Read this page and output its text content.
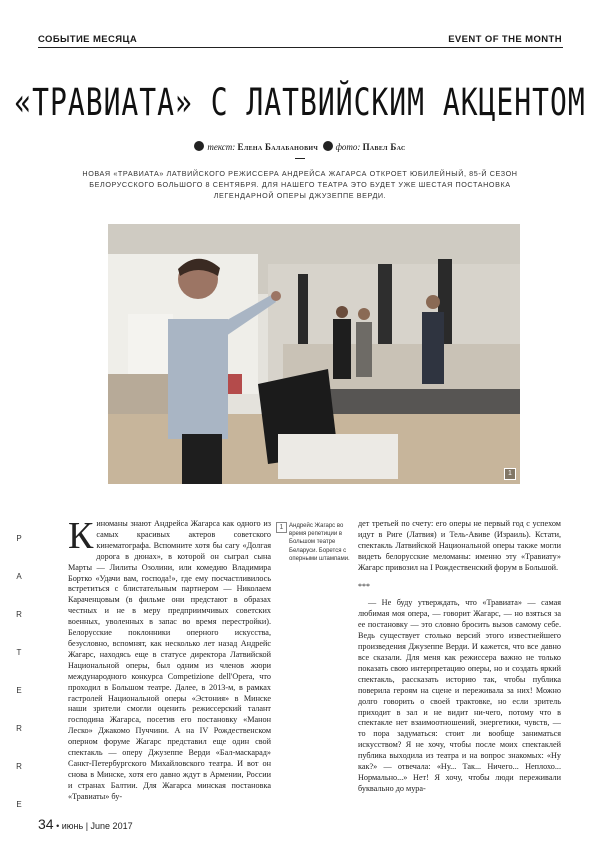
СОБЫТИЕ МЕСЯЦА	EVENT OF THE MONTH
«ТРАВИАТА» С ЛАТВИЙСКИМ АКЦЕНТОМ
текст: Елена Балабанович фото: Павел Бас
НОВАЯ «ТРАВИАТА» ЛАТВИЙСКОГО РЕЖИССЕРА АНДРЕЙСА ЖАГАРСА ОТКРОЕТ ЮБИЛЕЙНЫЙ, 85-Й СЕЗОН БЕЛОРУССКОГО БОЛЬШОГО 8 СЕНТЯБРЯ. ДЛЯ НАШЕГО ТЕАТРА ЭТО БУДЕТ УЖЕ ШЕСТАЯ ПОСТАНОВКА ЛЕГЕНДАРНОЙ ОПЕРЫ ДЖУЗЕППЕ ВЕРДИ.
1
P
A
R
T
E
R
R
E

Киноманы знают Андрейса Жагарса как одного из самых красивых актеров советского кинематографа. Вспомните хотя бы сагу «Долгая дорога в дюнах», в которой он сыграл сына Марты — Лилиты Озолини, или комедию Владимира Бортко «Удачи вам, господа!», где ему посчастливилось встретиться с блистательным партнером — Николаем Караченцовым (в фильме они предстают в образах честных и не в меру предприимчивых советских военных, уволенных в запас во время перестройки). Белорусские поклонники оперного искусства, безусловно, вспомнят, как несколько лет назад Андрейс Жагарс, находясь еще в статусе директора Латвийской Национальной оперы, был одним из членов жюри международного конкурса Competizione dell'Opera, что проходил в Большом театре. Далее, в 2013-м, в рамках гастролей Национальной оперы «Эстония» в Минске наши зрители смогли оценить режиссерский талант господина Жагарса, посетив его постановку «Манон Леско» Джакомо Пуччини. А на IV Рождественском оперном форуме Жагарс представил еще один свой спектакль — оперу Джузеппе Верди «Бал-маскарад» Санкт-Петербургского Михайловского театра. И вот он снова в Минске, хотя его давно ждут в Армении, России и странах Балтии. Для Жагарса минская постановка «Травиаты» бу-

1 Андрейс Жагарс во время репетиции в Большом театре Беларуси. Борется с оперными штампами.

дет третьей по счету: его оперы не первый год с успехом идут в Риге (Латвия) и Тель-Авиве (Израиль). Кстати, спектакль Латвийской Национальной оперы также могли видеть белорусские меломаны: именно эту «Травиату» Жагарс привозил на I Рождественский форум в Большой.

***

— Не буду утверждать, что «Травиата» — самая любимая моя опера, — говорит Жагарс, — но взяться за ее постановку — это словно бросить вызов самому себе. Ведь существует столько версий этого известнейшего произведения Джузеппе Верди. И кажется, что все давно все сказали. Для меня как режиссера важно не только показать свою интерпретацию оперы, но и создать яркий спектакль, рассказать историю так, чтобы публика поверила героям на сцене и переживала за них! Можно долго говорить о своей трактовке, но если зритель приходит в зал и не видит ни-чего, потому что в спектакле нет взаимоотношений, энергетики, чувств, — то пора задуматься: стоит ли вообще заниматься искусством? Я не хочу, чтобы после моих спектаклей публика выходила из театра и на вопрос знакомых: «Ну как?» — отвечала: «Ну... Так... Ничего... Неплохо... Нормально...» Нет! Я хочу, чтобы люди переживали буквально до мура-

34 • июнь | June 2017
